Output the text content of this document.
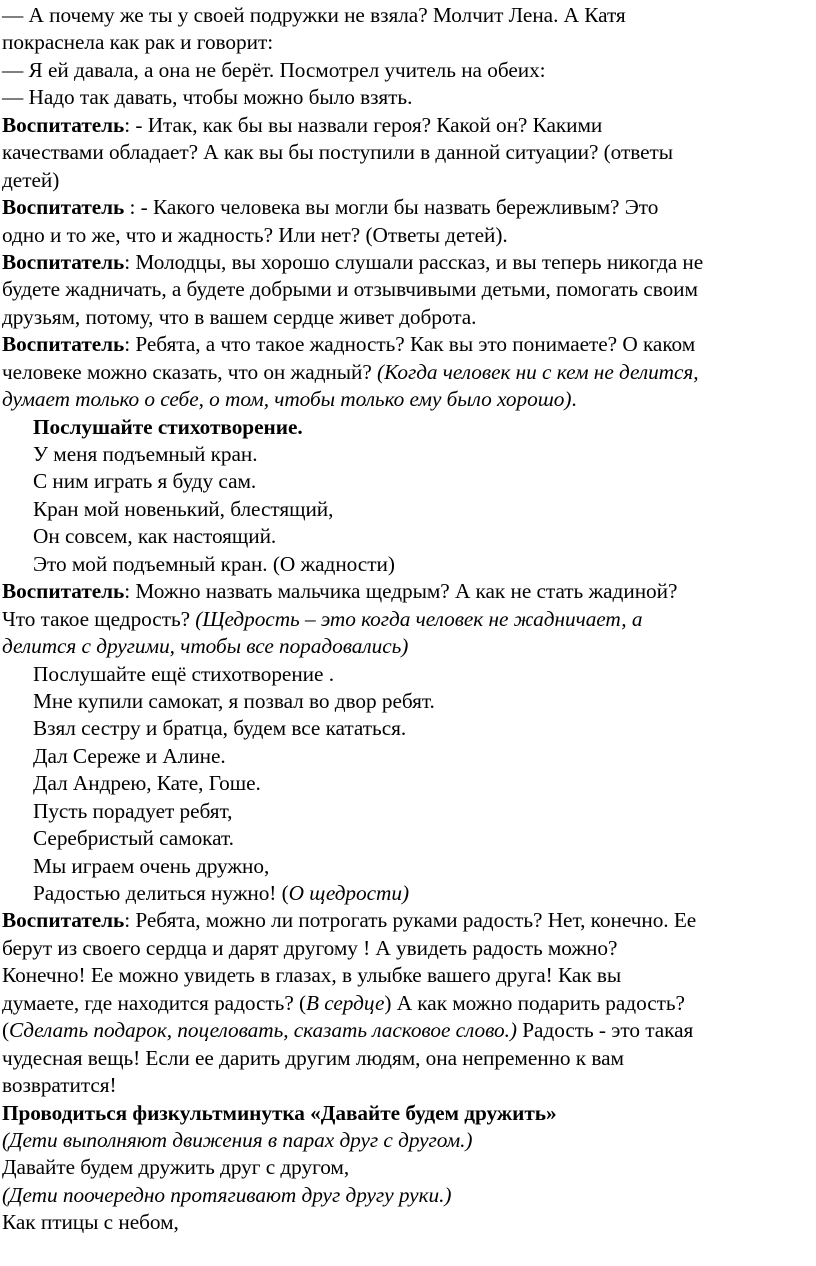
— А почему же ты у своей подружки не взяла? Молчит Лена. А Катя
покраснела как рак и говорит:
— Я ей давала, а она не берёт. Посмотрел учитель на обеих:
— Надо так давать, чтобы можно было взять.
Воспитатель: - Итак, как бы вы назвали героя? Какой он? Какими
качествами обладает? А как вы бы поступили в данной ситуации? (ответы
детей)
Воспитатель : - Какого человека вы могли бы назвать бережливым? Это
одно и то же, что и жадность? Или нет? (Ответы детей).
Воспитатель: Молодцы, вы хорошо слушали рассказ, и вы теперь никогда не
будете жадничать, а будете добрыми и отзывчивыми детьми, помогать своим
друзьям, потому, что в вашем сердце живет доброта.
Воспитатель: Ребята, а что такое жадность? Как вы это понимаете? О каком
человеке можно сказать, что он жадный? (Когда человек ни с кем не делится,
думает только о себе, о том, чтобы только ему было хорошо).
Послушайте стихотворение.
У меня подъемный кран.
С ним играть я буду сам.
Кран мой новенький, блестящий,
Он совсем, как настоящий.
Это мой подъемный кран. (О жадности)
Воспитатель: Можно назвать мальчика щедрым? А как не стать жадиной?
Что такое щедрость? (Щедрость – это когда человек не жадничает, а
делится с другими, чтобы все порадовались)
Послушайте ещё стихотворение .
Мне купили самокат, я позвал во двор ребят.
Взял сестру и братца, будем все кататься.
Дал Сереже и Алине.
Дал Андрею, Кате, Гоше.
Пусть порадует ребят,
Серебристый самокат.
Мы играем очень дружно,
Радостью делиться нужно! (О щедрости)
Воспитатель: Ребята, можно ли потрогать руками радость? Нет, конечно. Ее
берут из своего сердца и дарят другому ! А увидеть радость можно?
Конечно! Ее можно увидеть в глазах, в улыбке вашего друга! Как вы
думаете, где находится радость? (В сердце) А как можно подарить радость?
(Сделать подарок, поцеловать, сказать ласковое слово.) Радость - это такая
чудесная вещь! Если ее дарить другим людям, она непременно к вам
возвратится!
Проводиться физкультминутка «Давайте будем дружить»
(Дети выполняют движения в парах друг с другом.)
Давайте будем дружить друг с другом,
(Дети поочередно протягивают друг другу руки.)
Как птицы с небом,
